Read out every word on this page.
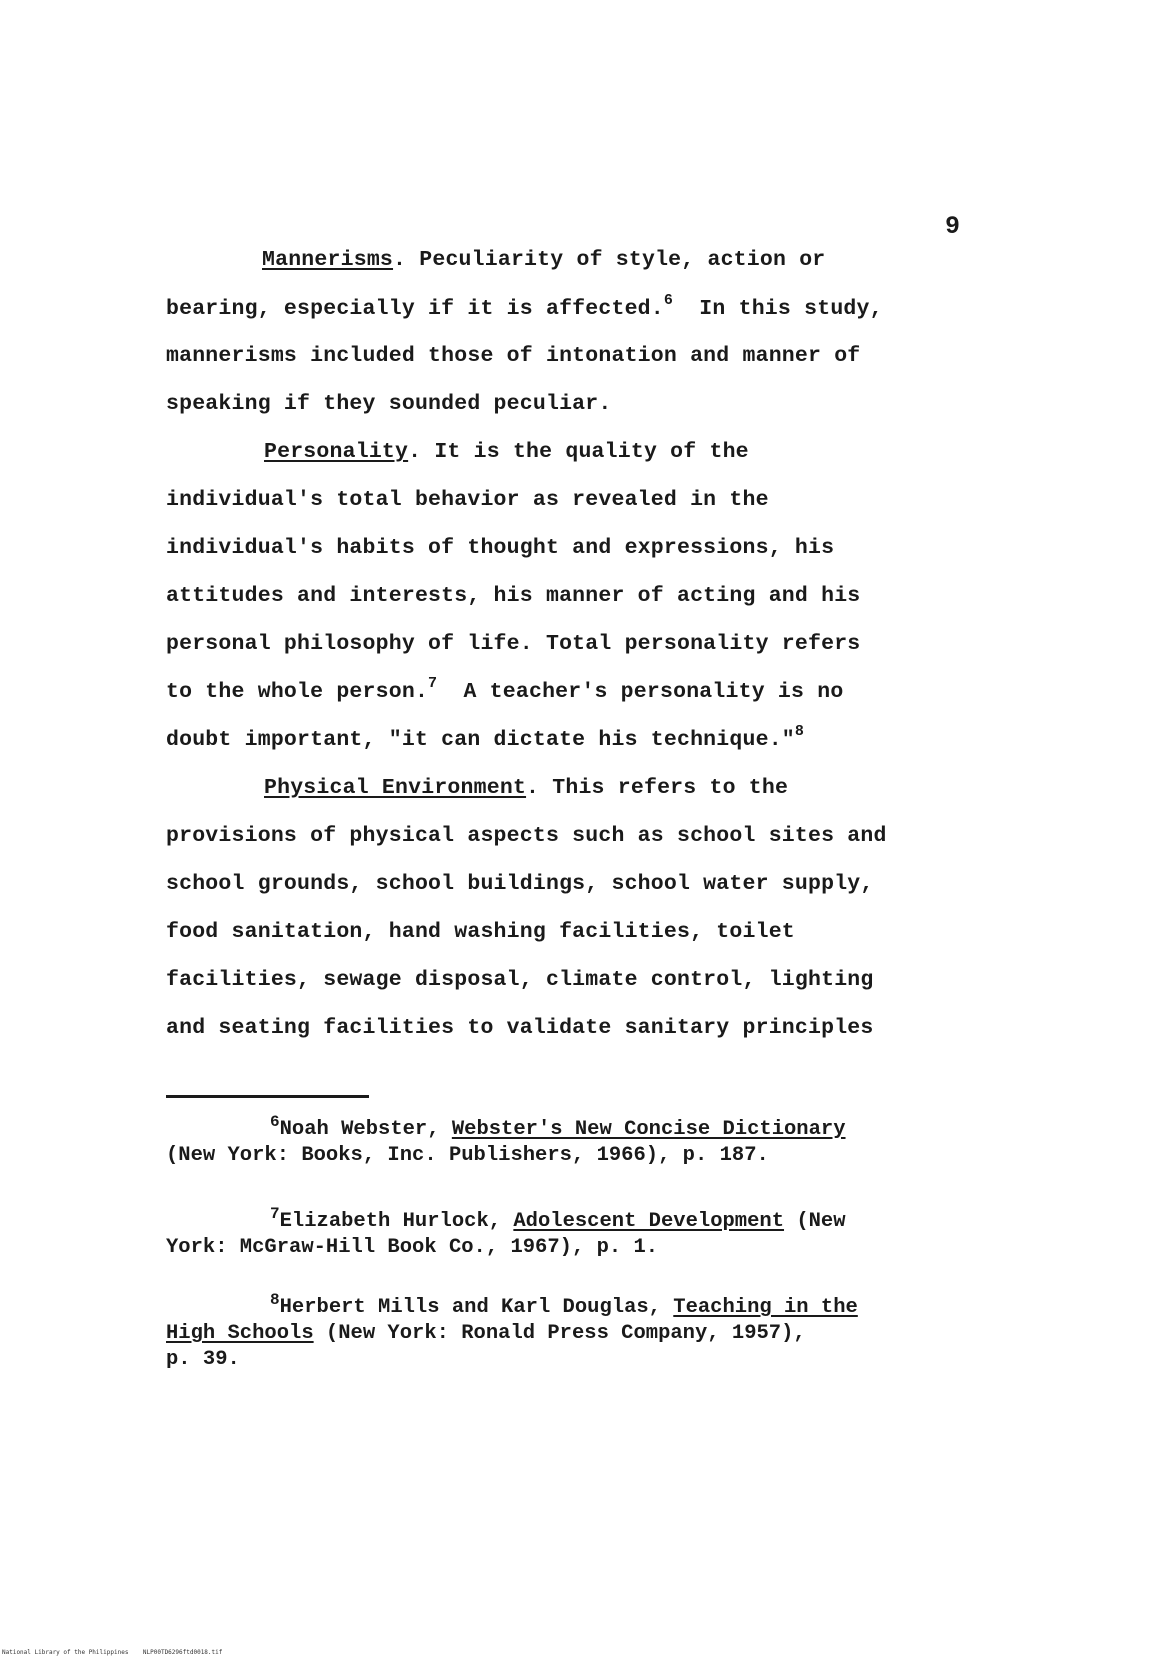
9
Mannerisms. Peculiarity of style, action or
bearing, especially if it is affected.$^6$  In this study,
mannerisms included those of intonation and manner of
speaking if they sounded peculiar.
Personality. It is the quality of the
individual's total behavior as revealed in the
individual's habits of thought and expressions, his
attitudes and interests, his manner of acting and his
personal philosophy of life. Total personality refers
to the whole person.$^7$  A teacher's personality is no
doubt important, "it can dictate his technique."$^8$
Physical Environment. This refers to the
provisions of physical aspects such as school sites and
school grounds, school buildings, school water supply,
food sanitation, hand washing facilities, toilet
facilities, sewage disposal, climate control, lighting
and seating facilities to validate sanitary principles
$^6$Noah Webster, Webster's New Concise Dictionary
(New York: Books, Inc. Publishers, 1966), p. 187.
$^7$Elizabeth Hurlock, Adolescent Development (New
York: McGraw-Hill Book Co., 1967), p. 1.
$^8$Herbert Mills and Karl Douglas, Teaching in the
High Schools (New York: Ronald Press Company, 1957),
p. 39.
National Library of the Philippines NLP00TD6296ftd0018.tif
